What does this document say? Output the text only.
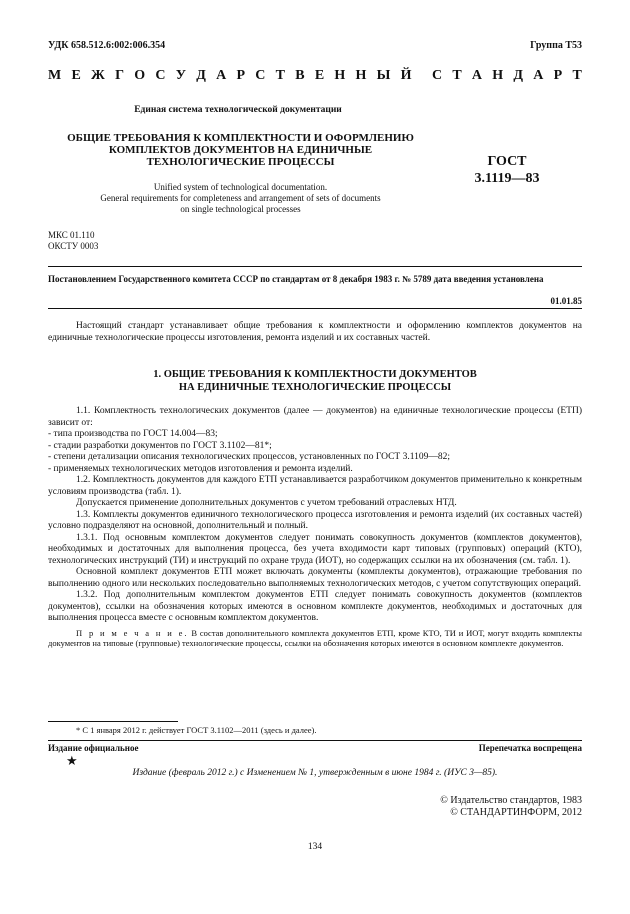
УДК 658.512.6:002:006.354	Группа Т53
М Е Ж Г О С У Д А Р С Т В Е Н Н Ы Й С Т А Н Д А Р Т
Единая система технологической документации
ОБЩИЕ ТРЕБОВАНИЯ К КОМПЛЕКТНОСТИ И ОФОРМЛЕНИЮ
КОМПЛЕКТОВ ДОКУМЕНТОВ НА ЕДИНИЧНЫЕ
ТЕХНОЛОГИЧЕСКИЕ ПРОЦЕССЫ	ГОСТ
3.1119—83
Unified system of technological documentation.
General requirements for completeness and arrangement of sets of documents
on single technological processes
МКС 01.110
ОКСТУ 0003
Постановлением Государственного комитета СССР по стандартам от 8 декабря 1983 г. № 5789 дата введения установлена
01.01.85

Настоящий стандарт устанавливает общие требования к комплектности и оформлению комплектов документов на единичные технологические процессы изготовления, ремонта изделий и их составных частей.

1. ОБЩИЕ ТРЕБОВАНИЯ К КОМПЛЕКТНОСТИ ДОКУМЕНТОВ
НА ЕДИНИЧНЫЕ ТЕХНОЛОГИЧЕСКИЕ ПРОЦЕССЫ

1.1. Комплектность технологических документов (далее — документов) на единичные технологические процессы (ЕТП) зависит от:

- типа производства по ГОСТ 14.004—83;

- стадии разработки документов по ГОСТ 3.1102—81*;

- степени детализации описания технологических процессов, установленных по ГОСТ 3.1109—82;

- применяемых технологических методов изготовления и ремонта изделий.

1.2. Комплектность документов для каждого ЕТП устанавливается разработчиком документов применительно к конкретным условиям производства (табл. 1).

Допускается применение дополнительных документов с учетом требований отраслевых НТД.

1.3. Комплекты документов единичного технологического процесса изготовления и ремонта изделий (их составных частей) условно подразделяют на основной, дополнительный и полный.

1.3.1. Под основным комплектом документов следует понимать совокупность документов (комплектов документов), необходимых и достаточных для выполнения процесса, без учета входимости карт типовых (групповых) операций (КТО), технологических инструкций (ТИ) и инструкций по охране труда (ИОТ), но содержащих ссылки на их обозначения (см. табл. 1).

Основной комплект документов ЕТП может включать документы (комплекты документов), отражающие требования по выполнению одного или нескольких последовательно выполняемых технологических методов, с учетом сопутствующих операций.

1.3.2. Под дополнительным комплектом документов ЕТП следует понимать совокупность документов (комплектов документов), ссылки на обозначения которых имеются в основном комплекте документов, необходимых и достаточных для выполнения процесса вместе с основным комплектом документов.

П р и м е ч а н и е. В состав дополнительного комплекта документов ЕТП, кроме КТО, ТИ и ИОТ, могут входить комплекты документов на типовые (групповые) технологические процессы, ссылки на обозначения которых имеются в основном комплекте документов.

* С 1 января 2012 г. действует ГОСТ 3.1102—2011 (здесь и далее).

Издание официальное	Перепечатка воспрещена
★
Издание (февраль 2012 г.) с Изменением № 1, утвержденным в июне 1984 г. (ИУС 3—85).
© Издательство стандартов, 1983
© СТАНДАРТИНФОРМ, 2012
134
